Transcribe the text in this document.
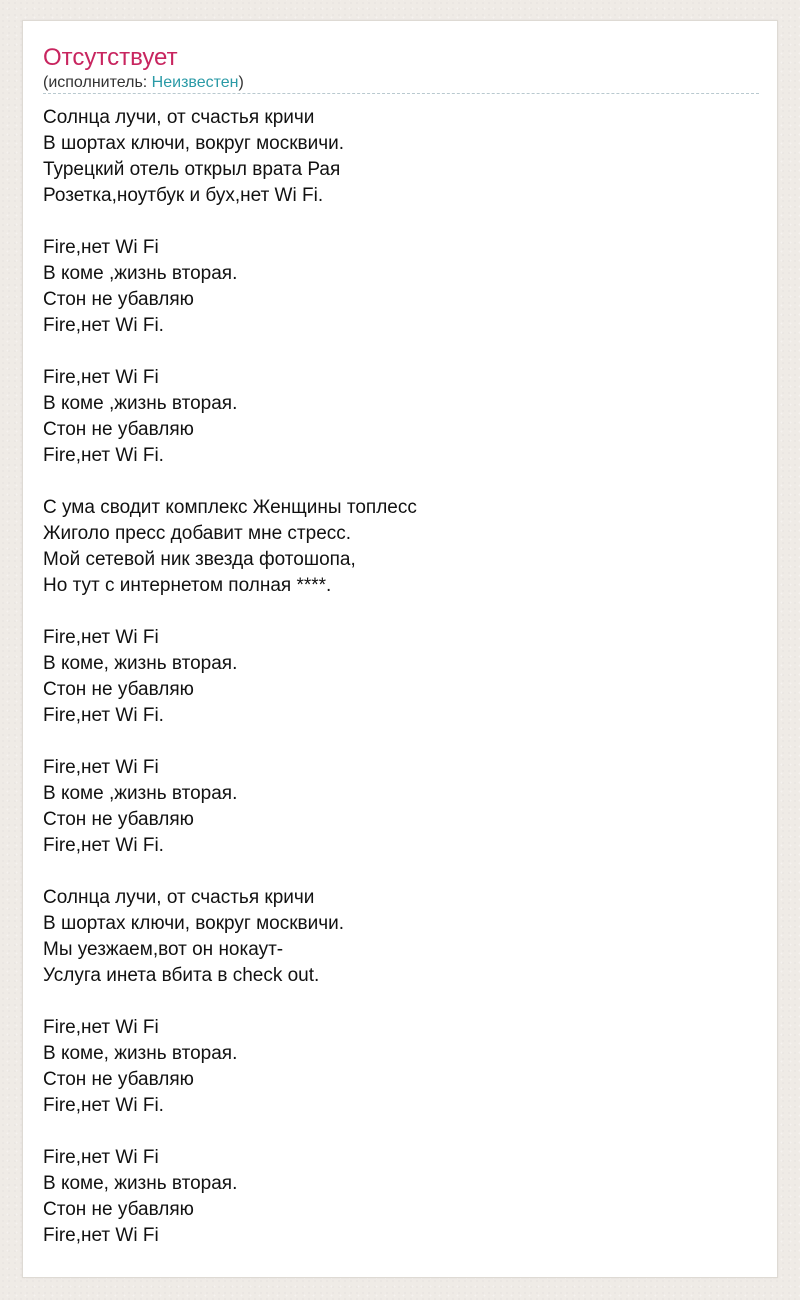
Отсутствует
(исполнитель: Неизвестен)
Солнца лучи, от счастья кричи
В шортах ключи, вокруг москвичи.
Турецкий отель открыл врата Рая
Розетка,ноутбук и бух,нет Wi Fi.
Fire,нет Wi Fi
В коме ,жизнь вторая.
Стон не убавляю
Fire,нет Wi Fi.
Fire,нет Wi Fi
В коме ,жизнь вторая.
Стон не убавляю
Fire,нет Wi Fi.
С ума сводит комплекс Женщины топлесс
Жиголо пресс добавит мне стресс.
Мой сетевой ник звезда фотошопа,
Но тут с интернетом полная ****.
Fire,нет Wi Fi
В коме, жизнь вторая.
Стон не убавляю
Fire,нет Wi Fi.
Fire,нет Wi Fi
В коме ,жизнь вторая.
Стон не убавляю
Fire,нет Wi Fi.
Солнца лучи, от счастья кричи
В шортах ключи, вокруг москвичи.
Мы уезжаем,вот он нокаут-
Услуга инета вбита в check out.
Fire,нет Wi Fi
В коме, жизнь вторая.
Стон не убавляю
Fire,нет Wi Fi.
Fire,нет Wi Fi
В коме, жизнь вторая.
Стон не убавляю
Fire,нет Wi Fi
